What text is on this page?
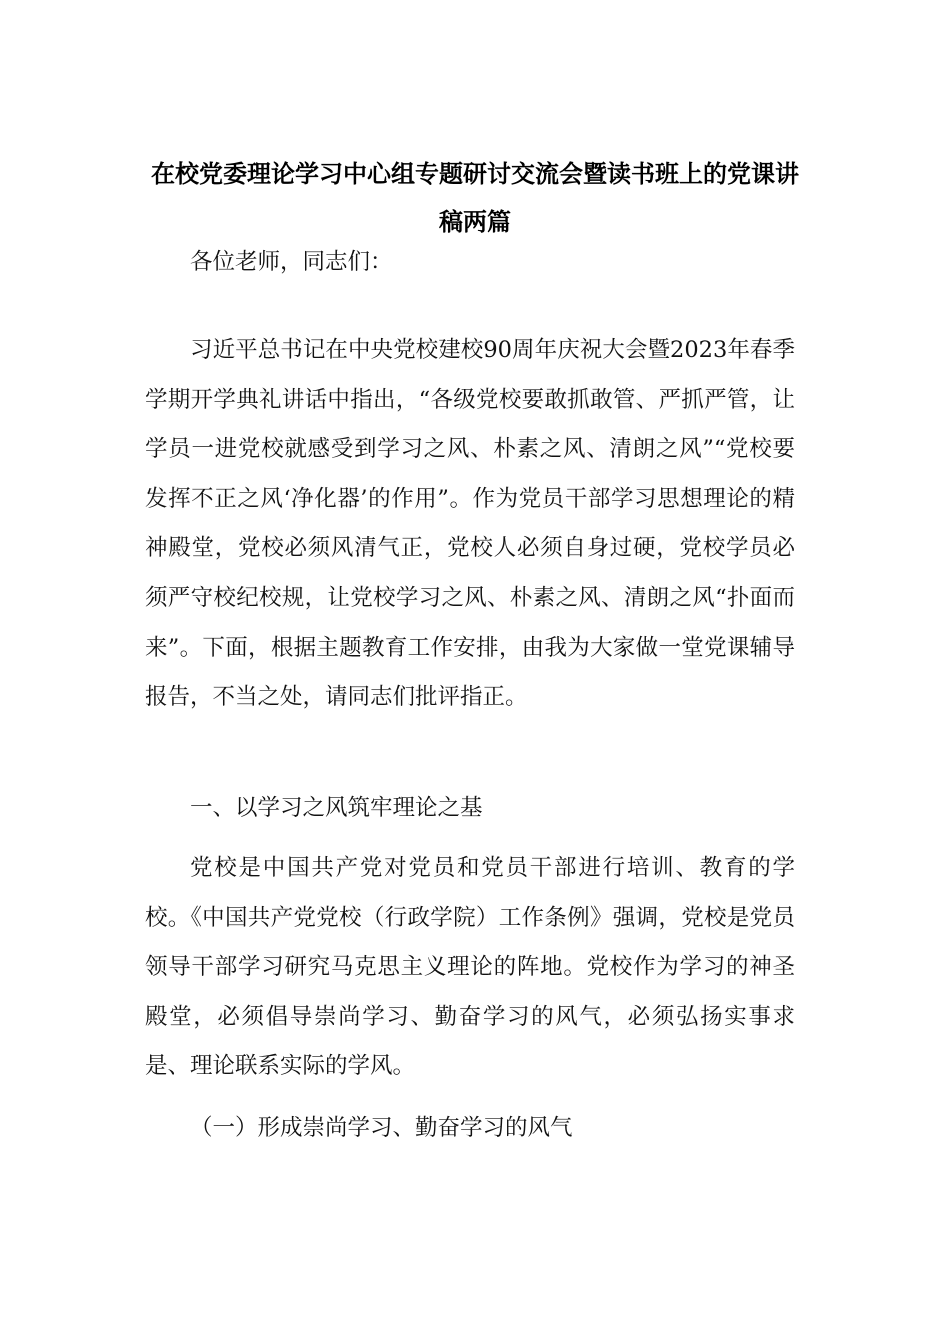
在校党委理论学习中心组专题研讨交流会暨读书班上的党课讲稿两篇
各位老师，同志们：
习近平总书记在中央党校建校90周年庆祝大会暨2023年春季学期开学典礼讲话中指出，“各级党校要敢抓敢管、严抓严管，让学员一进党校就感受到学习之风、朴素之风、清朗之风”“党校要发挥不正之风‘净化器’的作用”。作为党员干部学习思想理论的精神殿堂，党校必须风清气正，党校人必须自身过硬，党校学员必须严守校纪校规，让党校学习之风、朴素之风、清朗之风“扑面而来”。下面，根据主题教育工作安排，由我为大家做一堂党课辅导报告，不当之处，请同志们批评指正。
一、以学习之风筑牢理论之基
党校是中国共产党对党员和党员干部进行培训、教育的学校。《中国共产党党校（行政学院）工作条例》强调，党校是党员领导干部学习研究马克思主义理论的阵地。党校作为学习的神圣殿堂，必须倡导崇尚学习、勤奋学习的风气，必须弘扬实事求是、理论联系实际的学风。
（一）形成崇尚学习、勤奋学习的风气
